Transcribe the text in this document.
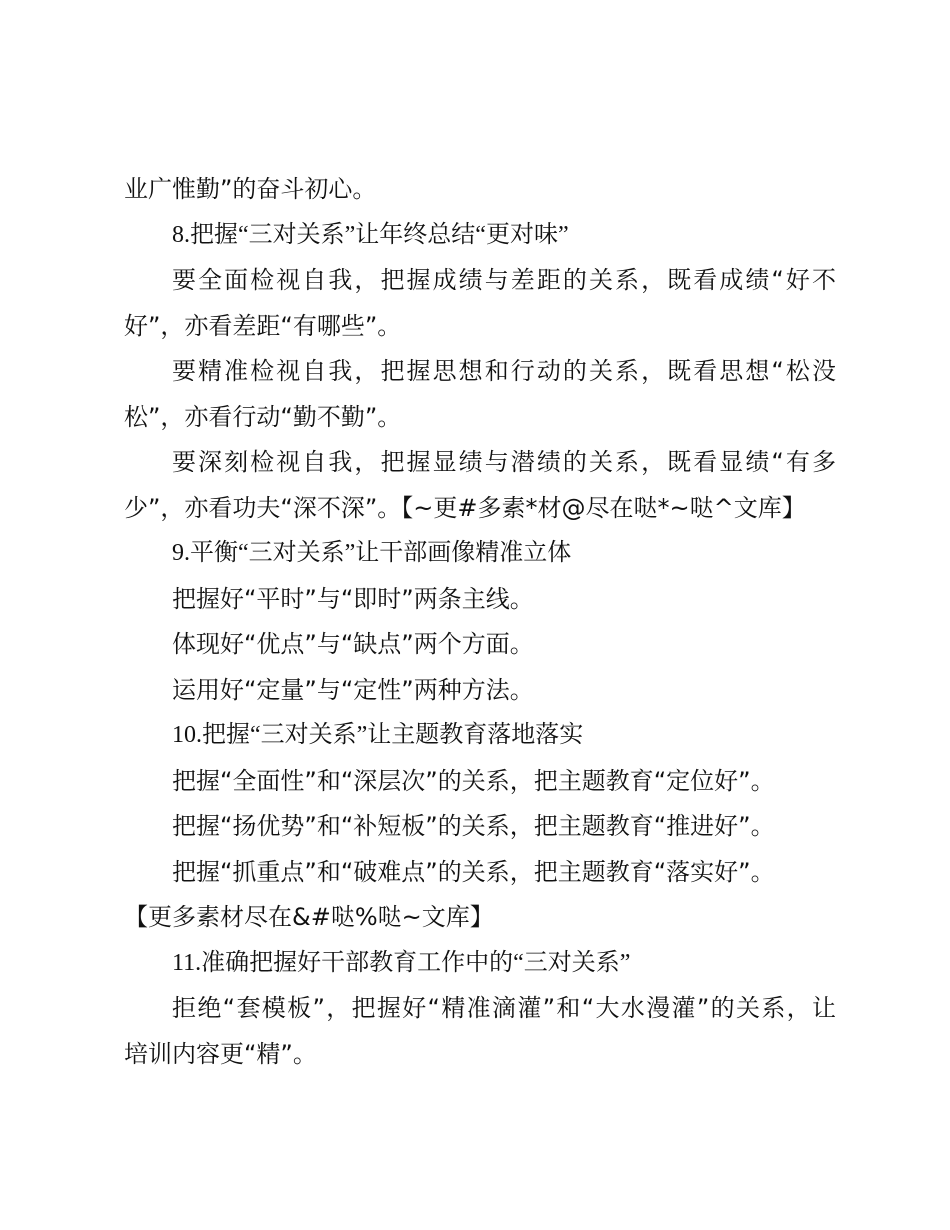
业广惟勤”的奋斗初心。
8.把握“三对关系”让年终总结“更对味”
要全面检视自我，把握成绩与差距的关系，既看成绩“好不
好”，亦看差距“有哪些”。
要精准检视自我，把握思想和行动的关系，既看思想“松没
松”，亦看行动“勤不勤”。
要深刻检视自我，把握显绩与潜绩的关系，既看显绩“有多
少”，亦看功夫“深不深”。【~更#多素*材@尽在哒*~哒^文库】
9.平衡“三对关系”让干部画像精准立体
把握好“平时”与“即时”两条主线。
体现好“优点”与“缺点”两个方面。
运用好“定量”与“定性”两种方法。
10.把握“三对关系”让主题教育落地落实
把握“全面性”和“深层次”的关系，把主题教育“定位好”。
把握“扬优势”和“补短板”的关系，把主题教育“推进好”。
把握“抓重点”和“破难点”的关系，把主题教育“落实好”。
【更多素材尽在&#哒%哒~文库】
11.准确把握好干部教育工作中的“三对关系”
拒绝“套模板”，把握好“精准滴灌”和“大水漫灌”的关系，让
培训内容更“精”。
